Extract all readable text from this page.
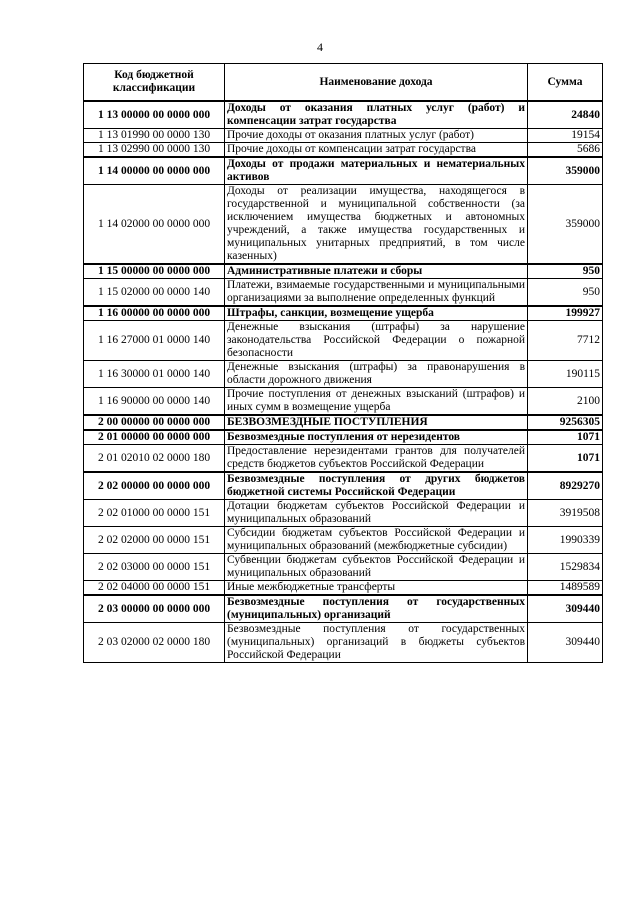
4
Код бюджетной классификации	Наименование дохода	Сумма
1 13 00000 00 0000 000	Доходы от оказания платных услуг (работ) и компенсации затрат государства	24840
1 13 01990 00 0000 130	Прочие доходы от оказания платных услуг (работ)	19154
1 13 02990 00 0000 130	Прочие доходы от компенсации затрат государства	5686
1 14 00000 00 0000 000	Доходы от продажи материальных и нематериальных активов	359000
1 14 02000 00 0000 000	Доходы от реализации имущества, находящегося в государственной и муниципальной собственности (за исключением имущества бюджетных и автономных учреждений, а также имущества государственных и муниципальных унитарных предприятий, в том числе казенных)	359000
1 15 00000 00 0000 000	Административные платежи и сборы	950
1 15 02000 00 0000 140	Платежи, взимаемые государственными и муниципальными организациями за выполнение определенных функций	950
1 16 00000 00 0000 000	Штрафы, санкции, возмещение ущерба	199927
1 16 27000 01 0000 140	Денежные взыскания (штрафы) за нарушение законодательства Российской Федерации о пожарной безопасности	7712
1 16 30000 01 0000 140	Денежные взыскания (штрафы) за правонарушения в области дорожного движения	190115
1 16 90000 00 0000 140	Прочие поступления от денежных взысканий (штрафов) и иных сумм в возмещение ущерба	2100
2 00 00000 00 0000 000	БЕЗВОЗМЕЗДНЫЕ ПОСТУПЛЕНИЯ	9256305
2 01 00000 00 0000 000	Безвозмездные поступления от нерезидентов	1071
2 01 02010 02 0000 180	Предоставление нерезидентами грантов для получателей средств бюджетов субъектов Российской Федерации	1071
2 02 00000 00 0000 000	Безвозмездные поступления от других бюджетов бюджетной системы Российской Федерации	8929270
2 02 01000 00 0000 151	Дотации бюджетам субъектов Российской Федерации и муниципальных образований	3919508
2 02 02000 00 0000 151	Субсидии бюджетам субъектов Российской Федерации и муниципальных образований (межбюджетные субсидии)	1990339
2 02 03000 00 0000 151	Субвенции бюджетам субъектов Российской Федерации и муниципальных образований	1529834
2 02 04000 00 0000 151	Иные межбюджетные трансферты	1489589
2 03 00000 00 0000 000	Безвозмездные поступления от государственных (муниципальных) организаций	309440
2 03 02000 02 0000 180	Безвозмездные поступления от государственных (муниципальных) организаций в бюджеты субъектов Российской Федерации	309440
